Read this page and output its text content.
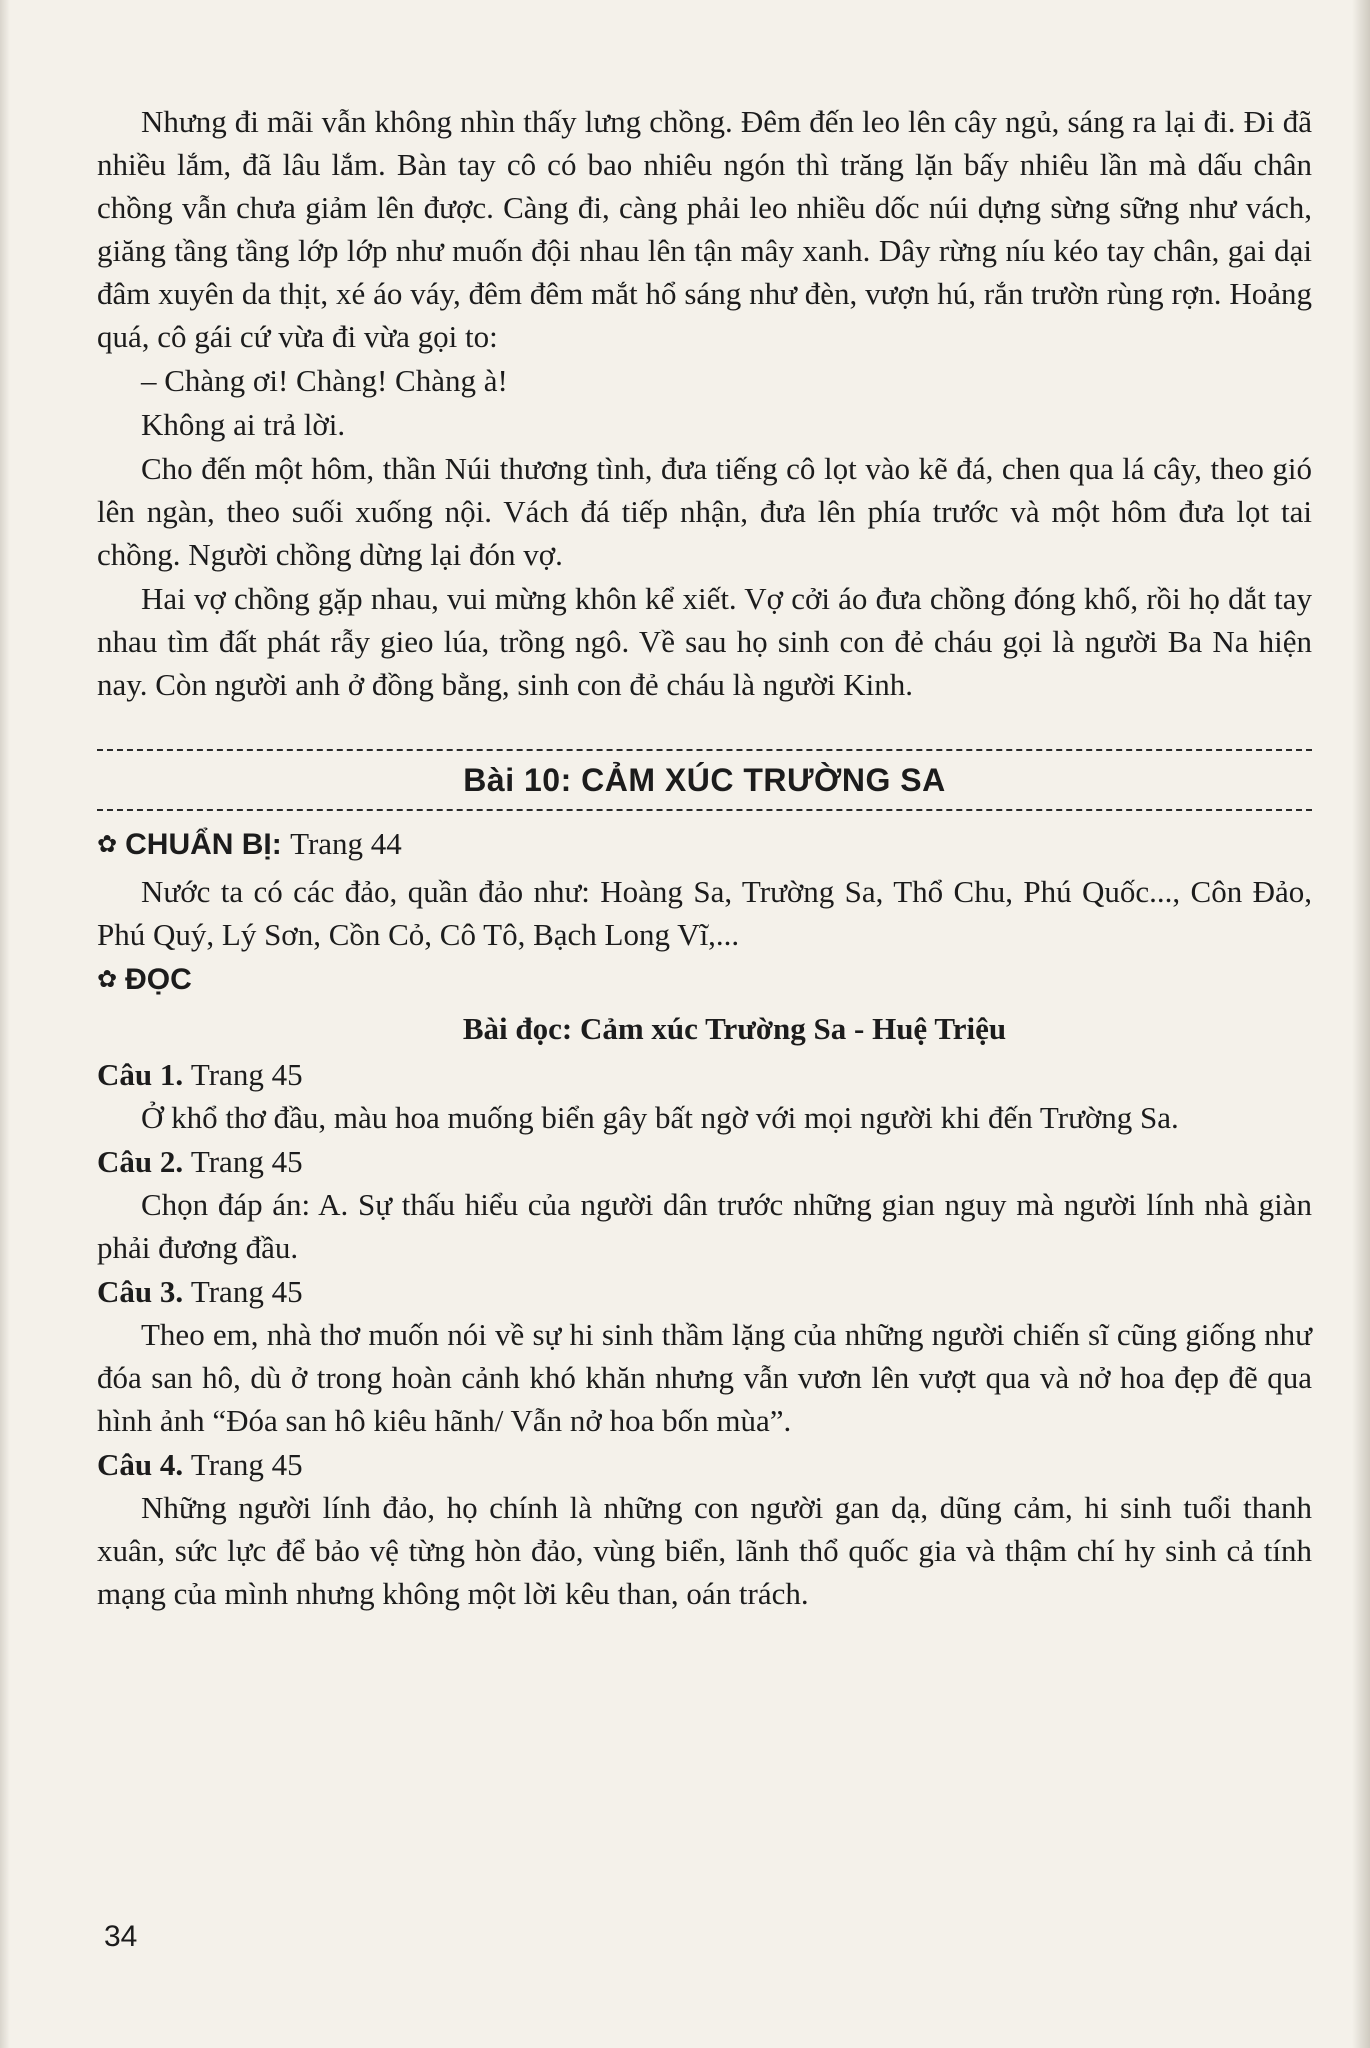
Nhưng đi mãi vẫn không nhìn thấy lưng chồng. Đêm đến leo lên cây ngủ, sáng ra lại đi. Đi đã nhiều lắm, đã lâu lắm. Bàn tay cô có bao nhiêu ngón thì trăng lặn bấy nhiêu lần mà dấu chân chồng vẫn chưa giảm lên được. Càng đi, càng phải leo nhiều dốc núi dựng sừng sững như vách, giăng tầng tầng lớp lớp như muốn đội nhau lên tận mây xanh. Dây rừng níu kéo tay chân, gai dại đâm xuyên da thịt, xé áo váy, đêm đêm mắt hổ sáng như đèn, vượn hú, rắn trườn rùng rợn. Hoảng quá, cô gái cứ vừa đi vừa gọi to:

– Chàng ơi! Chàng! Chàng à!

Không ai trả lời.

Cho đến một hôm, thần Núi thương tình, đưa tiếng cô lọt vào kẽ đá, chen qua lá cây, theo gió lên ngàn, theo suối xuống nội. Vách đá tiếp nhận, đưa lên phía trước và một hôm đưa lọt tai chồng. Người chồng dừng lại đón vợ.

Hai vợ chồng gặp nhau, vui mừng khôn kể xiết. Vợ cởi áo đưa chồng đóng khố, rồi họ dắt tay nhau tìm đất phát rẫy gieo lúa, trồng ngô. Về sau họ sinh con đẻ cháu gọi là người Ba Na hiện nay. Còn người anh ở đồng bằng, sinh con đẻ cháu là người Kinh.

Bài 10: CẢM XÚC TRƯỜNG SA
✿ CHUẨN BỊ: Trang 44

Nước ta có các đảo, quần đảo như: Hoàng Sa, Trường Sa, Thổ Chu, Phú Quốc..., Côn Đảo, Phú Quý, Lý Sơn, Cồn Cỏ, Cô Tô, Bạch Long Vĩ,...

✿ ĐỌC
Bài đọc: Cảm xúc Trường Sa - Huệ Triệu
Câu 1. Trang 45

Ở khổ thơ đầu, màu hoa muống biển gây bất ngờ với mọi người khi đến Trường Sa.

Câu 2. Trang 45

Chọn đáp án: A. Sự thấu hiểu của người dân trước những gian nguy mà người lính nhà giàn phải đương đầu.

Câu 3. Trang 45

Theo em, nhà thơ muốn nói về sự hi sinh thầm lặng của những người chiến sĩ cũng giống như đóa san hô, dù ở trong hoàn cảnh khó khăn nhưng vẫn vươn lên vượt qua và nở hoa đẹp đẽ qua hình ảnh “Đóa san hô kiêu hãnh/ Vẫn nở hoa bốn mùa”.

Câu 4. Trang 45

Những người lính đảo, họ chính là những con người gan dạ, dũng cảm, hi sinh tuổi thanh xuân, sức lực để bảo vệ từng hòn đảo, vùng biển, lãnh thổ quốc gia và thậm chí hy sinh cả tính mạng của mình nhưng không một lời kêu than, oán trách.

34
